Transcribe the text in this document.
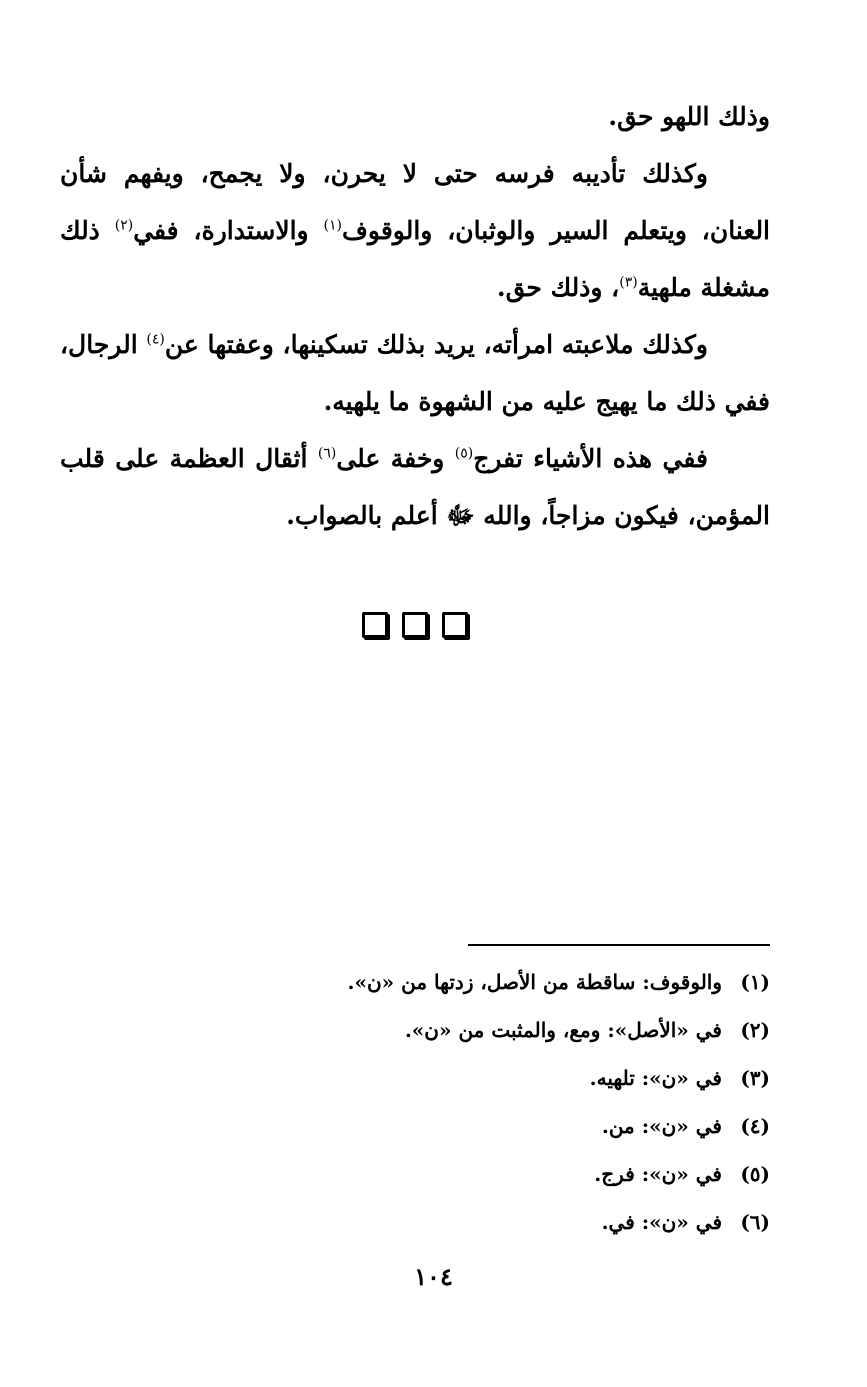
وذلك اللهو حق.

وكذلك تأديبه فرسه حتى لا يحرن، ولا يجمح، ويفهم شأن العنان، ويتعلم السير والوثبان، والوقوف$^{(١)}$ والاستدارة، ففي$^{(٢)}$ ذلك مشغلة ملهية$^{(٣)}$، وذلك حق.

وكذلك ملاعبته امرأته، يريد بذلك تسكينها، وعفتها عن$^{(٤)}$ الرجال، ففي ذلك ما يهيج عليه من الشهوة ما يلهيه.

ففي هذه الأشياء تفرج$^{(٥)}$ وخفة على$^{(٦)}$ أثقال العظمة على قلب المؤمن، فيكون مزاجاً، والله ﷻ أعلم بالصواب.

(١)
والوقوف: ساقطة من الأصل، زدتها من «ن».
(٢)
في «الأصل»: ومع، والمثبت من «ن».
(٣)
في «ن»: تلهيه.
(٤)
في «ن»: من.
(٥)
في «ن»: فرج.
(٦)
في «ن»: في.
١٠٤
